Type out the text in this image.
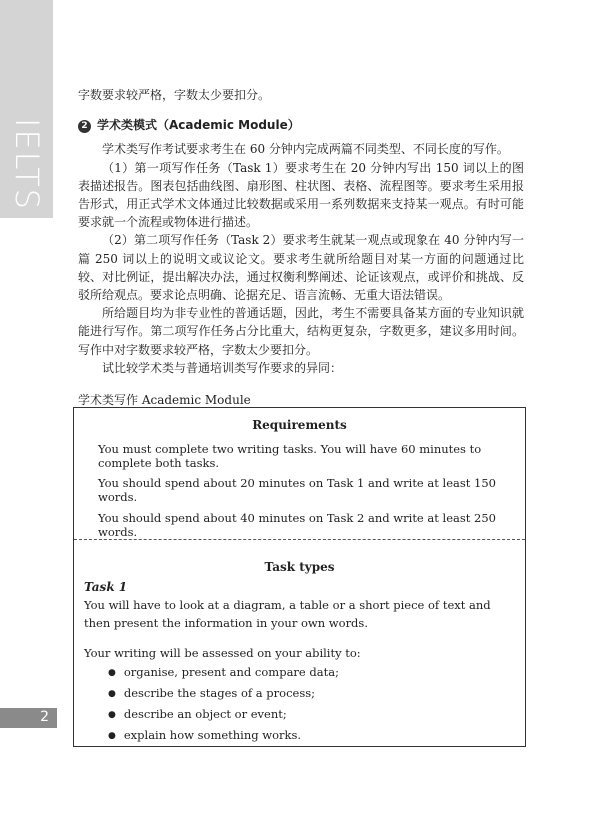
IELTS
2

字数要求较严格，字数太少要扣分。

2 学术类模式（Academic Module）

学术类写作考试要求考生在 60 分钟内完成两篇不同类型、不同长度的写作。

（1）第一项写作任务（Task 1）要求考生在 20 分钟内写出 150 词以上的图表描述报告。图表包括曲线图、扇形图、柱状图、表格、流程图等。要求考生采用报告形式，用正式学术文体通过比较数据或采用一系列数据来支持某一观点。有时可能要求就一个流程或物体进行描述。

（2）第二项写作任务（Task 2）要求考生就某一观点或现象在 40 分钟内写一篇 250 词以上的说明文或议论文。要求考生就所给题目对某一方面的问题通过比较、对比例证，提出解决办法，通过权衡利弊阐述、论证该观点，或评价和挑战、反驳所给观点。要求论点明确、论据充足、语言流畅、无重大语法错误。

所给题目均为非专业性的普通话题，因此，考生不需要具备某方面的专业知识就能进行写作。第二项写作任务占分比重大，结构更复杂，字数更多，建议多用时间。写作中对字数要求较严格，字数太少要扣分。

试比较学术类与普通培训类写作要求的异同：

学术类写作 Academic Module

Requirements

You must complete two writing tasks. You will have 60 minutes to complete both tasks.

You should spend about 20 minutes on Task 1 and write at least 150 words.

You should spend about 40 minutes on Task 2 and write at least 250 words.

Task types

Task 1

You will have to look at a diagram, a table or a short piece of text and then present the information in your own words.

Your writing will be assessed on your ability to:

● organise, present and compare data;
● describe the stages of a process;
● describe an object or event;
● explain how something works.
